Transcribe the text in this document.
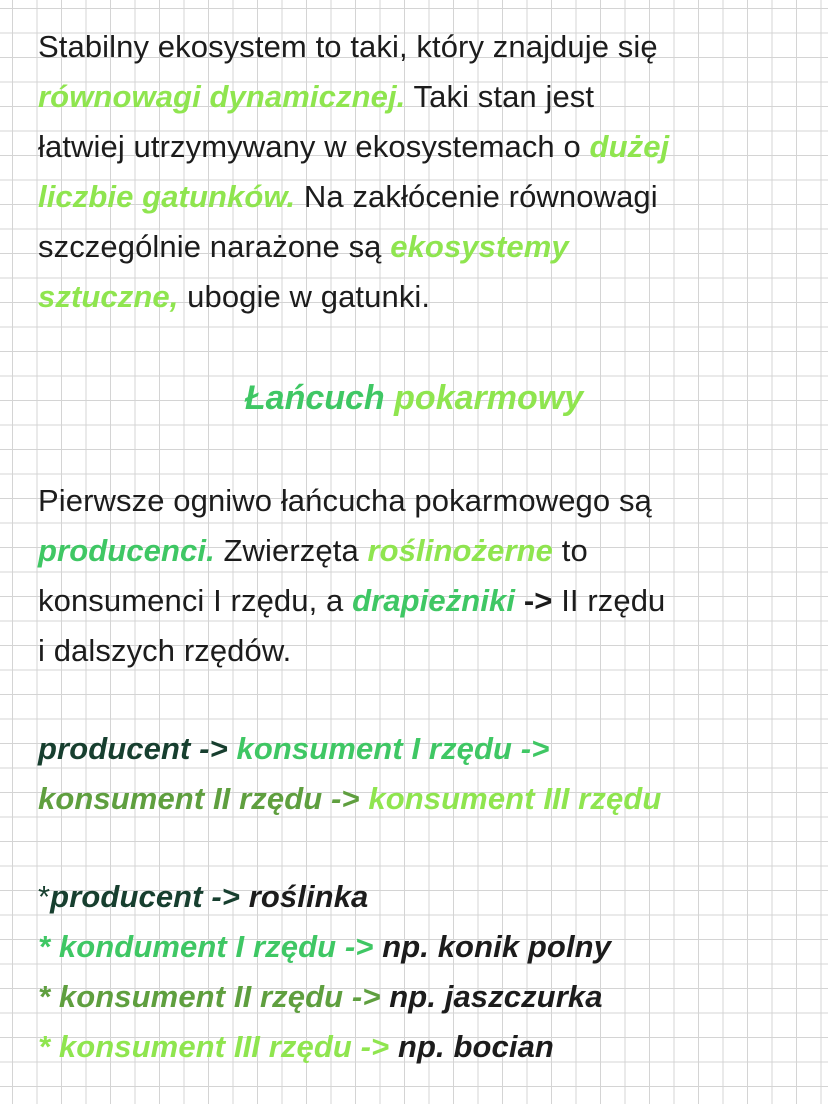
Stabilny ekosystem to taki, który znajduje się
równowagi dynamicznej. Taki stan jest
łatwiej utrzymywany w ekosystemach o dużej
liczbie gatunków. Na zakłócenie równowagi
szczególnie narażone są ekosystemy
sztuczne, ubogie w gatunki.
Łańcuch pokarmowy
Pierwsze ogniwo łańcucha pokarmowego są
producenci. Zwierzęta roślinożerne to
konsumenci I rzędu, a drapieżniki -> II rzędu
i dalszych rzędów.
producent -> konsument I rzędu ->
konsument II rzędu -> konsument III rzędu
*producent -> roślinka
* kondument I rzędu -> np. konik polny
* konsument II rzędu -> np. jaszczurka
* konsument III rzędu -> np. bocian
